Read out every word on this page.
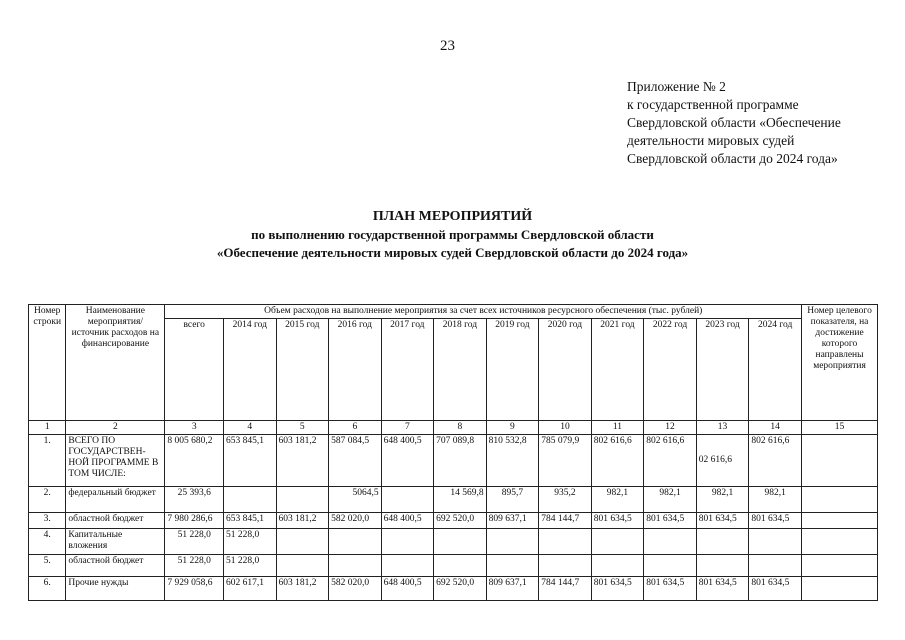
23
Приложение № 2
к государственной программе
Свердловской области «Обеспечение
деятельности мировых судей
Свердловской области до 2024 года»
ПЛАН МЕРОПРИЯТИЙ
по выполнению государственной программы Свердловской области
«Обеспечение деятельности мировых судей Свердловской области до 2024 года»
Номер строки	Наименование мероприятия/ источник расходов на финансирование	Объем расходов на выполнение мероприятия за счет всех источников ресурсного обеспечения (тыс. рублей)												Номер целевого показателя, на достижение которого направлены мероприятия
		всего	2014 год	2015 год	2016 год	2017 год	2018 год	2019 год	2020 год	2021 год	2022 год	2023 год	2024 год	
1	2	3	4	5	6	7	8	9	10	11	12	13	14	15
1.	ВСЕГО ПО ГОСУДАРСТВЕН-НОЙ ПРОГРАММЕ В ТОМ ЧИСЛЕ:	8 005 680,2	653 845,1	603 181,2	587 084,5	648 400,5	707 089,8	810 532,8	785 079,9	802 616,6	802 616,6	02 616,6	802 616,6	
2.	федеральный бюджет	25 393,6			5064,5		14 569,8	895,7	935,2	982,1	982,1	982,1	982,1	
3.	областной бюджет	7 980 286,6	653 845,1	603 181,2	582 020,0	648 400,5	692 520,0	809 637,1	784 144,7	801 634,5	801 634,5	801 634,5	801 634,5	
4.	Капитальные вложения	51 228,0	51 228,0											
5.	областной бюджет	51 228,0	51 228,0											
6.	Прочие нужды	7 929 058,6	602 617,1	603 181,2	582 020,0	648 400,5	692 520,0	809 637,1	784 144,7	801 634,5	801 634,5	801 634,5	801 634,5	
